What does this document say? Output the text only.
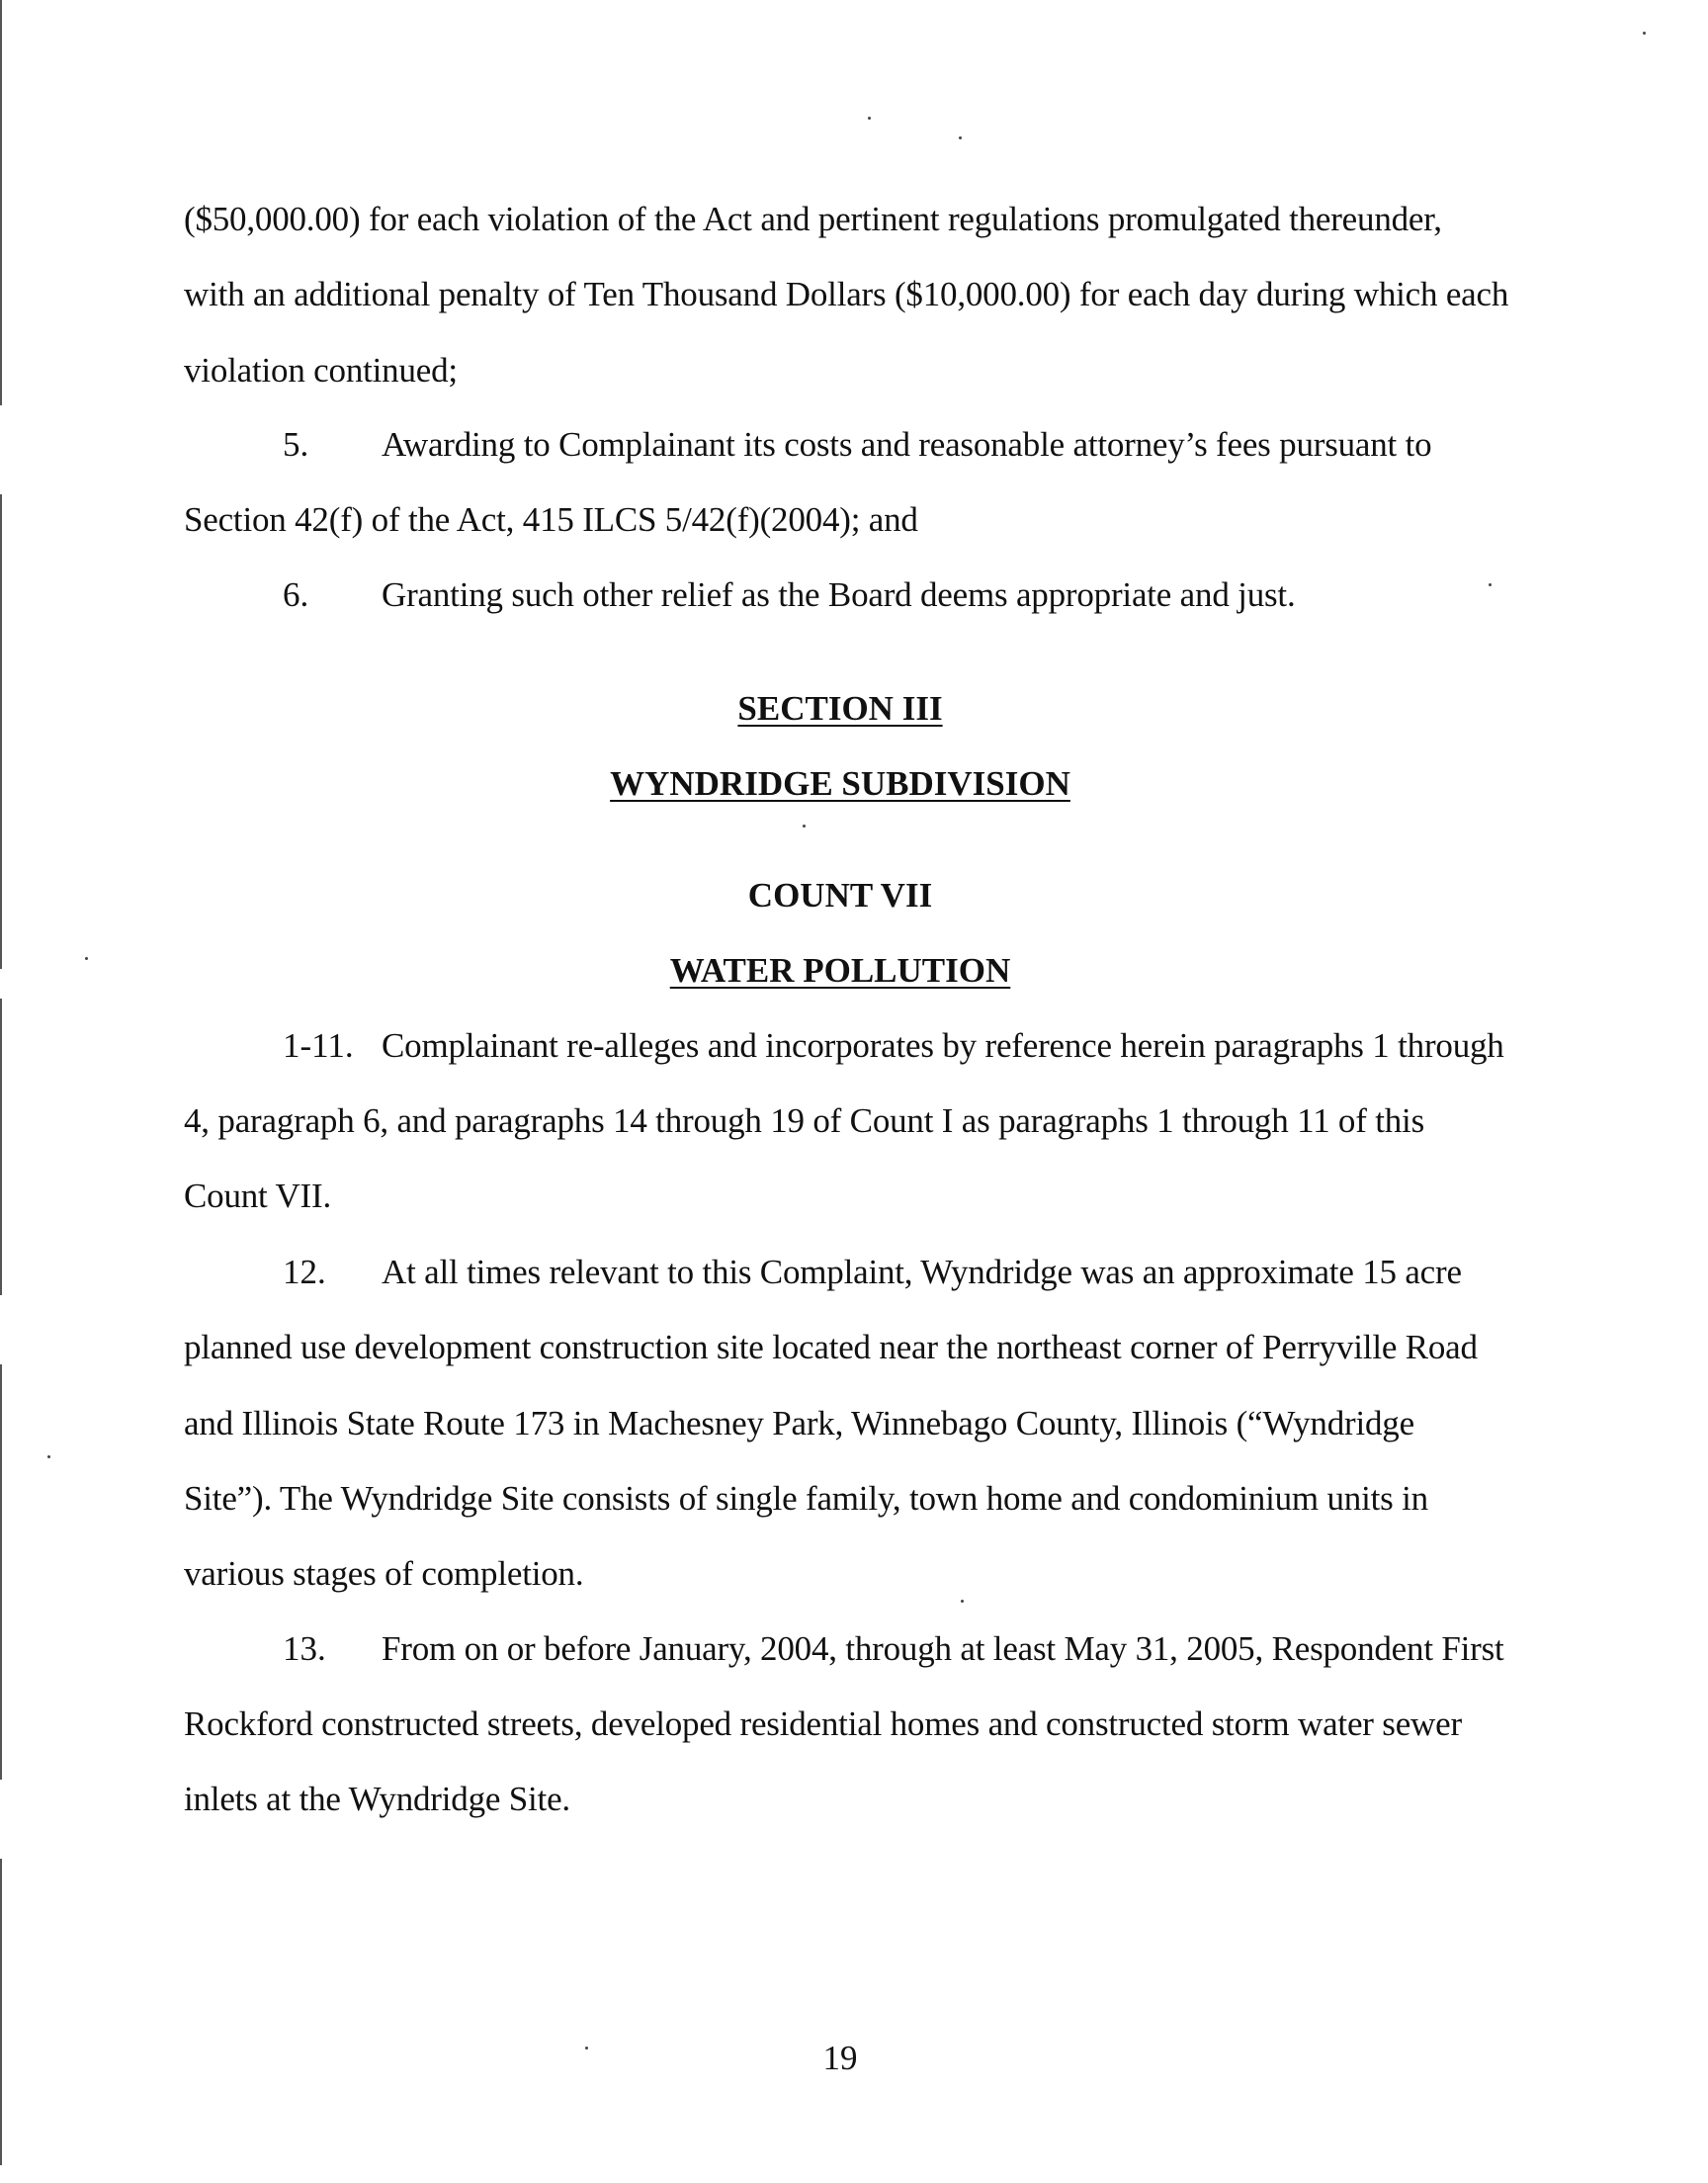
($50,000.00) for each violation of the Act and pertinent regulations promulgated thereunder,
with an additional penalty of Ten Thousand Dollars ($10,000.00) for each day during which each
violation continued;
5. Awarding to Complainant its costs and reasonable attorney’s fees pursuant to
Section 42(f) of the Act, 415 ILCS 5/42(f)(2004); and
6. Granting such other relief as the Board deems appropriate and just.
SECTION III
WYNDRIDGE SUBDIVISION
COUNT VII
WATER POLLUTION
1-11. Complainant re-alleges and incorporates by reference herein paragraphs 1 through
4, paragraph 6, and paragraphs 14 through 19 of Count I as paragraphs 1 through 11 of this
Count VII.
12. At all times relevant to this Complaint, Wyndridge was an approximate 15 acre
planned use development construction site located near the northeast corner of Perryville Road
and Illinois State Route 173 in Machesney Park, Winnebago County, Illinois (“Wyndridge
Site”). The Wyndridge Site consists of single family, town home and condominium units in
various stages of completion.
13. From on or before January, 2004, through at least May 31, 2005, Respondent First
Rockford constructed streets, developed residential homes and constructed storm water sewer
inlets at the Wyndridge Site.
19
